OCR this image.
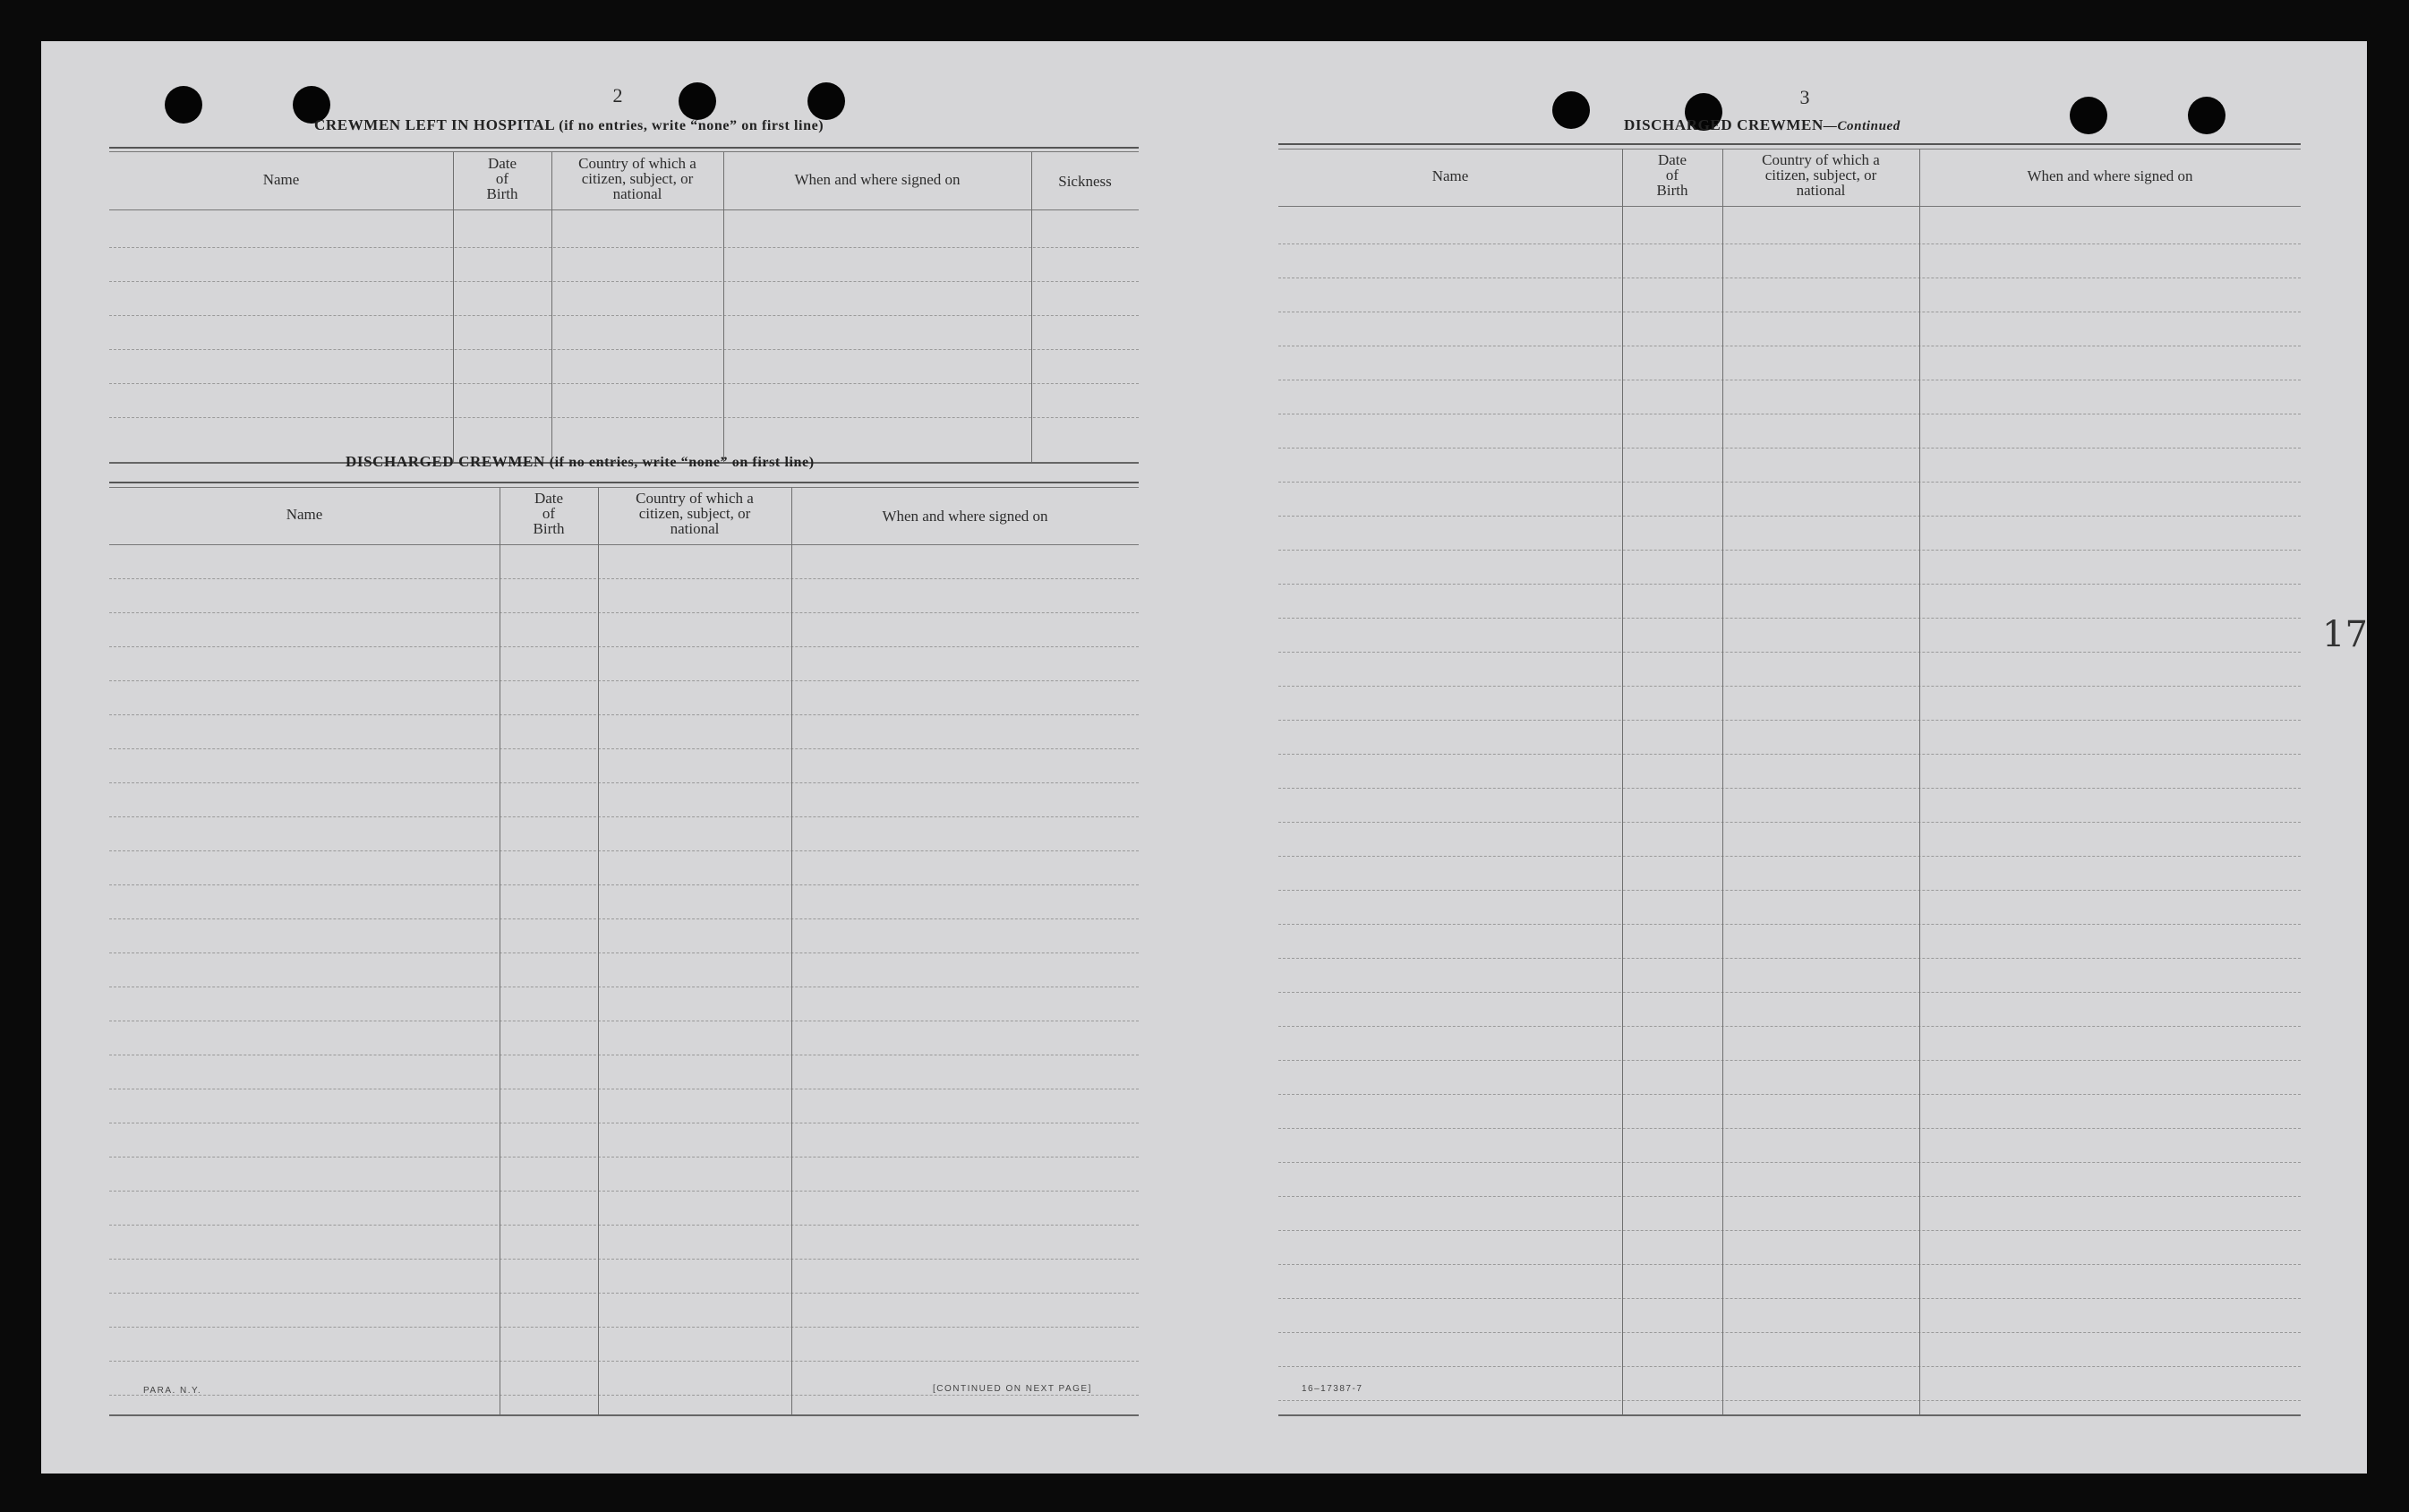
2
CREWMEN LEFT IN HOSPITAL (if no entries, write “none” on first line)
Name
Date
of
Birth
Country of which a
citizen, subject, or
national
When and where signed on	Sickness
DISCHARGED CREWMEN (if no entries, write “none” on first line)
Name
Date
of
Birth
Country of which a
citizen, subject, or
national
When and where signed on
PARA. N.Y.	[CONTINUED ON NEXT PAGE]
3
DISCHARGED CREWMEN—Continued
Name
Date
of
Birth
Country of which a
citizen, subject, or
national
When and where signed on
16–17387-7
17
